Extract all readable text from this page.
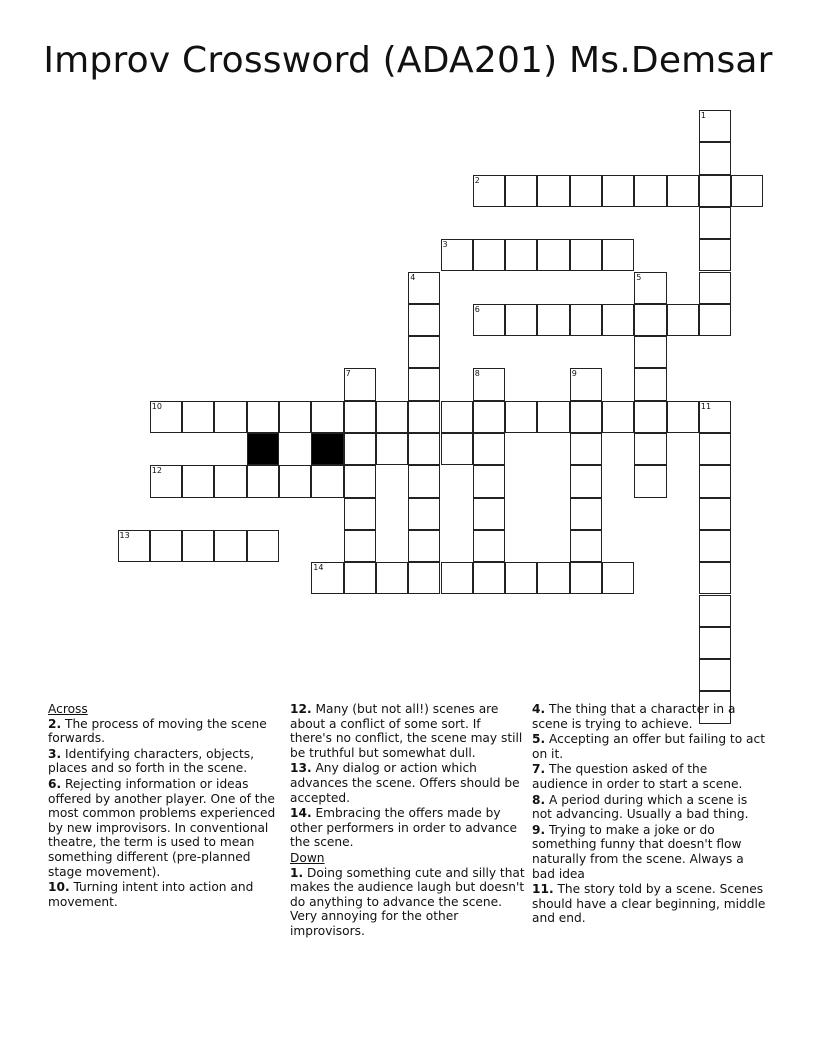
Improv Crossword (ADA201) Ms.Demsar
1
2
3
4	5
6
7	8	9
10	11
12
13
14
Across
2. The process of moving the scene forwards.
3. Identifying characters, objects, places and so forth in the scene.
6. Rejecting information or ideas offered by another player. One of the most common problems experienced by new improvisors. In conventional theatre, the term is used to mean something different (pre-planned stage movement).
10. Turning intent into action and movement.
12. Many (but not all!) scenes are about a conflict of some sort. If there's no conflict, the scene may still be truthful but somewhat dull.
13. Any dialog or action which advances the scene. Offers should be accepted.
14. Embracing the offers made by other performers in order to advance the scene.
Down
1. Doing something cute and silly that makes the audience laugh but doesn't do anything to advance the scene. Very annoying for the other improvisors.
4. The thing that a character in a scene is trying to achieve.
5. Accepting an offer but failing to act on it.
7. The question asked of the audience in order to start a scene.
8. A period during which a scene is not advancing. Usually a bad thing.
9. Trying to make a joke or do something funny that doesn't flow naturally from the scene. Always a bad idea
11. The story told by a scene. Scenes should have a clear beginning, middle and end.
